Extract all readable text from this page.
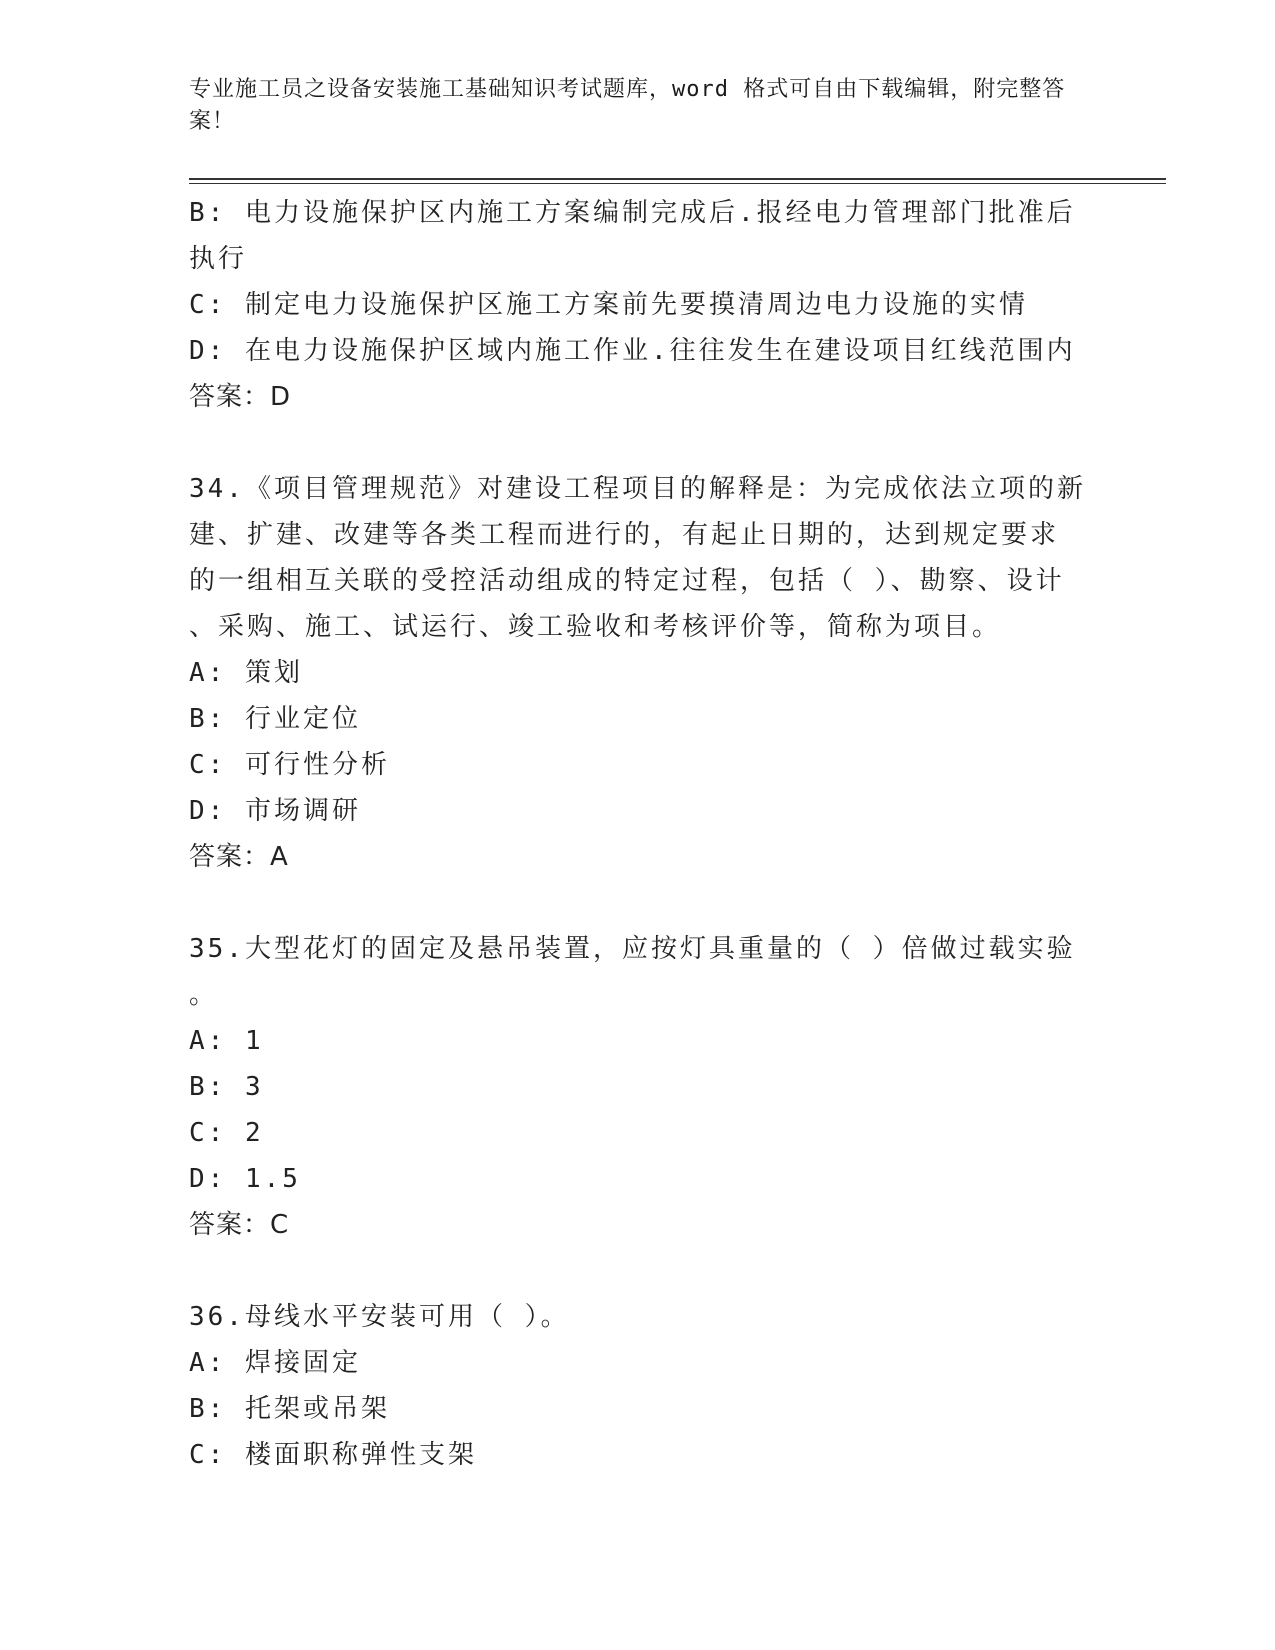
专业施工员之设备安装施工基础知识考试题库，word 格式可自由下载编辑，附完整答案！
B: 电力设施保护区内施工方案编制完成后.报经电力管理部门批准后
执行
C: 制定电力设施保护区施工方案前先要摸清周边电力设施的实情
D: 在电力设施保护区域内施工作业.往往发生在建设项目红线范围内
答案：D
34.《项目管理规范》对建设工程项目的解释是：为完成依法立项的新
建、扩建、改建等各类工程而进行的，有起止日期的，达到规定要求
的一组相互关联的受控活动组成的特定过程，包括（ ）、勘察、设计
、采购、施工、试运行、竣工验收和考核评价等，简称为项目。
A: 策划
B: 行业定位
C: 可行性分析
D: 市场调研
答案：A
35.大型花灯的固定及悬吊装置，应按灯具重量的（ ）倍做过载实验
。
A: 1
B: 3
C: 2
D: 1.5
答案：C
36.母线水平安装可用（ ）。
A: 焊接固定
B: 托架或吊架
C: 楼面职称弹性支架
